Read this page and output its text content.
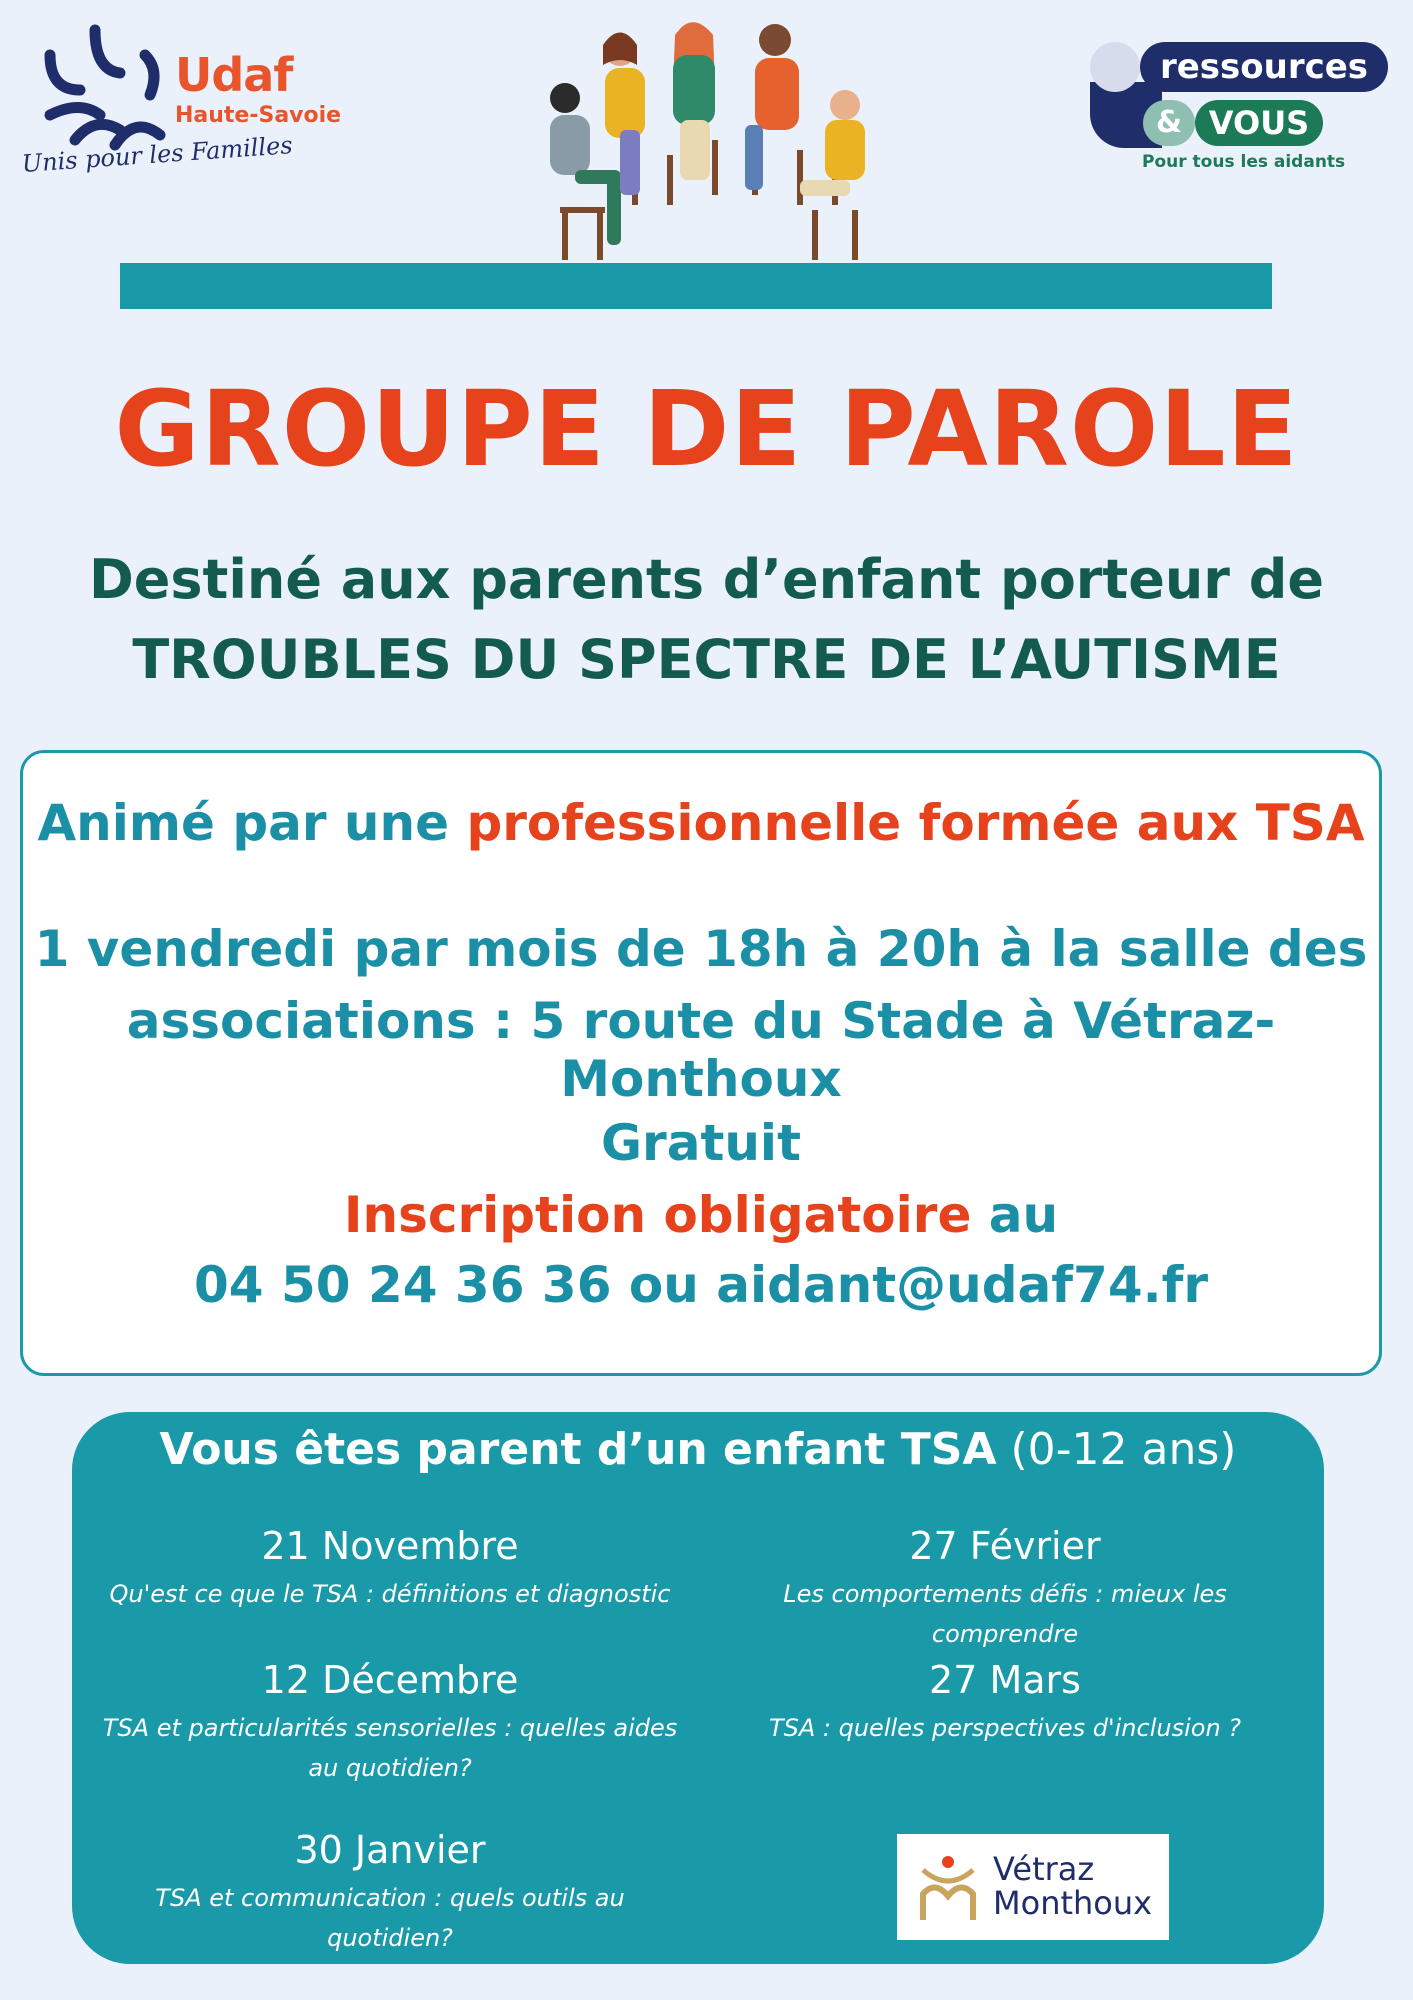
Udaf
Haute-Savoie
Unis pour les Familles
ressources
& VOUS
Pour tous les aidants
GROUPE DE PAROLE
Destiné aux parents d’enfant porteur de
TROUBLES DU SPECTRE DE L’AUTISME
Animé par une professionnelle formée aux TSA
1 vendredi par mois de 18h à 20h à la salle des
associations : 5 route du Stade à Vétraz-Monthoux
Gratuit
Inscription obligatoire au
04 50 24 36 36 ou aidant@udaf74.fr
Vous êtes parent d’un enfant TSA (0-12 ans)
21 Novembre
Qu'est ce que le TSA : définitions et diagnostic
27 Février
Les comportements défis : mieux les comprendre
12 Décembre
TSA et particularités sensorielles : quelles aides au quotidien?
27 Mars
TSA : quelles perspectives d'inclusion ?
30 Janvier
TSA et communication : quels outils au quotidien?
Vétraz
Monthoux
